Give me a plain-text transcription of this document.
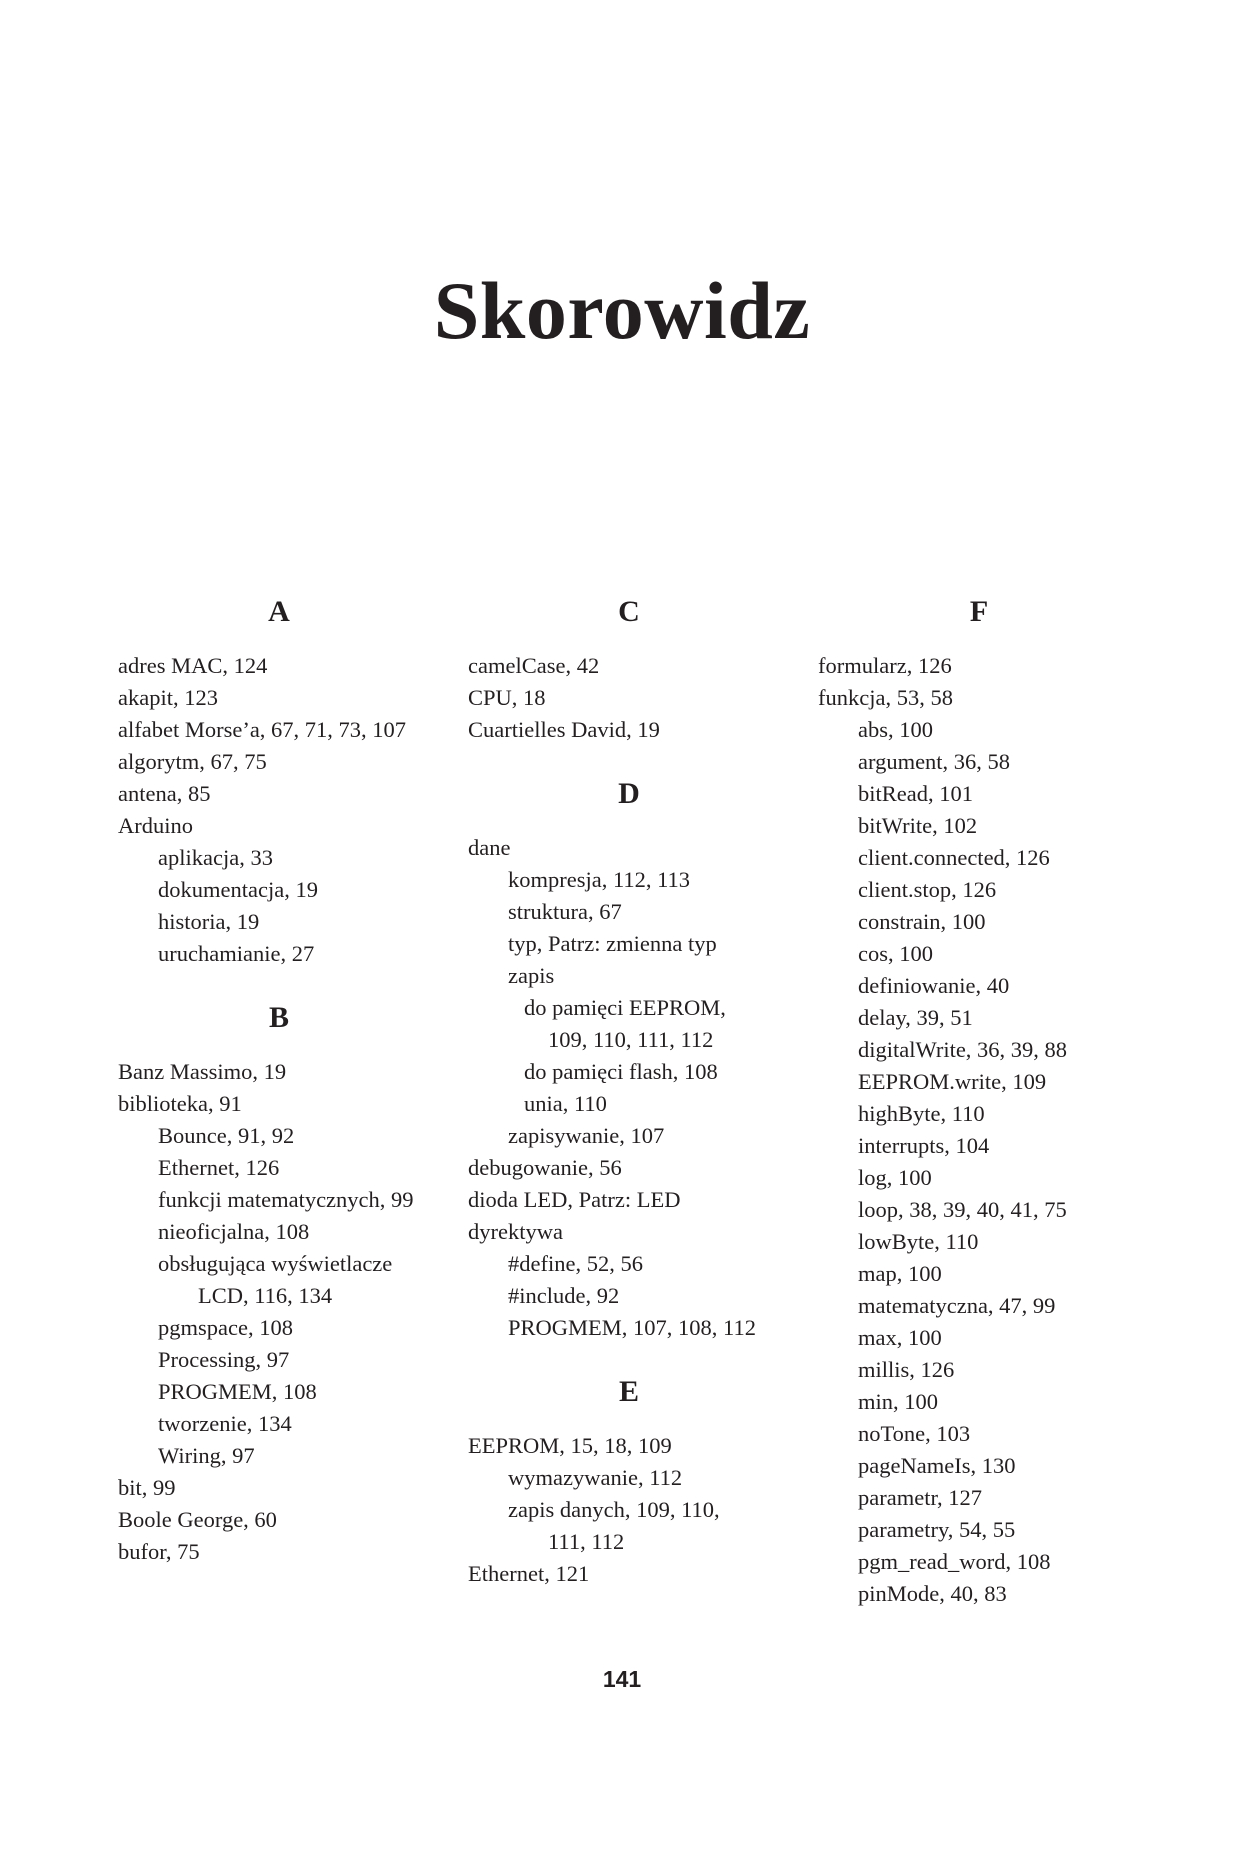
Skorowidz
A
adres MAC, 124
akapit, 123
alfabet Morse’a, 67, 71, 73, 107
algorytm, 67, 75
antena, 85
Arduino
aplikacja, 33
dokumentacja, 19
historia, 19
uruchamianie, 27
B
Banz Massimo, 19
biblioteka, 91
Bounce, 91, 92
Ethernet, 126
funkcji matematycznych, 99
nieoficjalna, 108
obsługująca wyświetlacze
LCD, 116, 134
pgmspace, 108
Processing, 97
PROGMEM, 108
tworzenie, 134
Wiring, 97
bit, 99
Boole George, 60
bufor, 75
C
camelCase, 42
CPU, 18
Cuartielles David, 19
D
dane
kompresja, 112, 113
struktura, 67
typ, Patrz: zmienna typ
zapis
do pamięci EEPROM,
109, 110, 111, 112
do pamięci flash, 108
unia, 110
zapisywanie, 107
debugowanie, 56
dioda LED, Patrz: LED
dyrektywa
#define, 52, 56
#include, 92
PROGMEM, 107, 108, 112
E
EEPROM, 15, 18, 109
wymazywanie, 112
zapis danych, 109, 110,
111, 112
Ethernet, 121
F
formularz, 126
funkcja, 53, 58
abs, 100
argument, 36, 58
bitRead, 101
bitWrite, 102
client.connected, 126
client.stop, 126
constrain, 100
cos, 100
definiowanie, 40
delay, 39, 51
digitalWrite, 36, 39, 88
EEPROM.write, 109
highByte, 110
interrupts, 104
log, 100
loop, 38, 39, 40, 41, 75
lowByte, 110
map, 100
matematyczna, 47, 99
max, 100
millis, 126
min, 100
noTone, 103
pageNameIs, 130
parametr, 127
parametry, 54, 55
pgm_read_word, 108
pinMode, 40, 83
141
